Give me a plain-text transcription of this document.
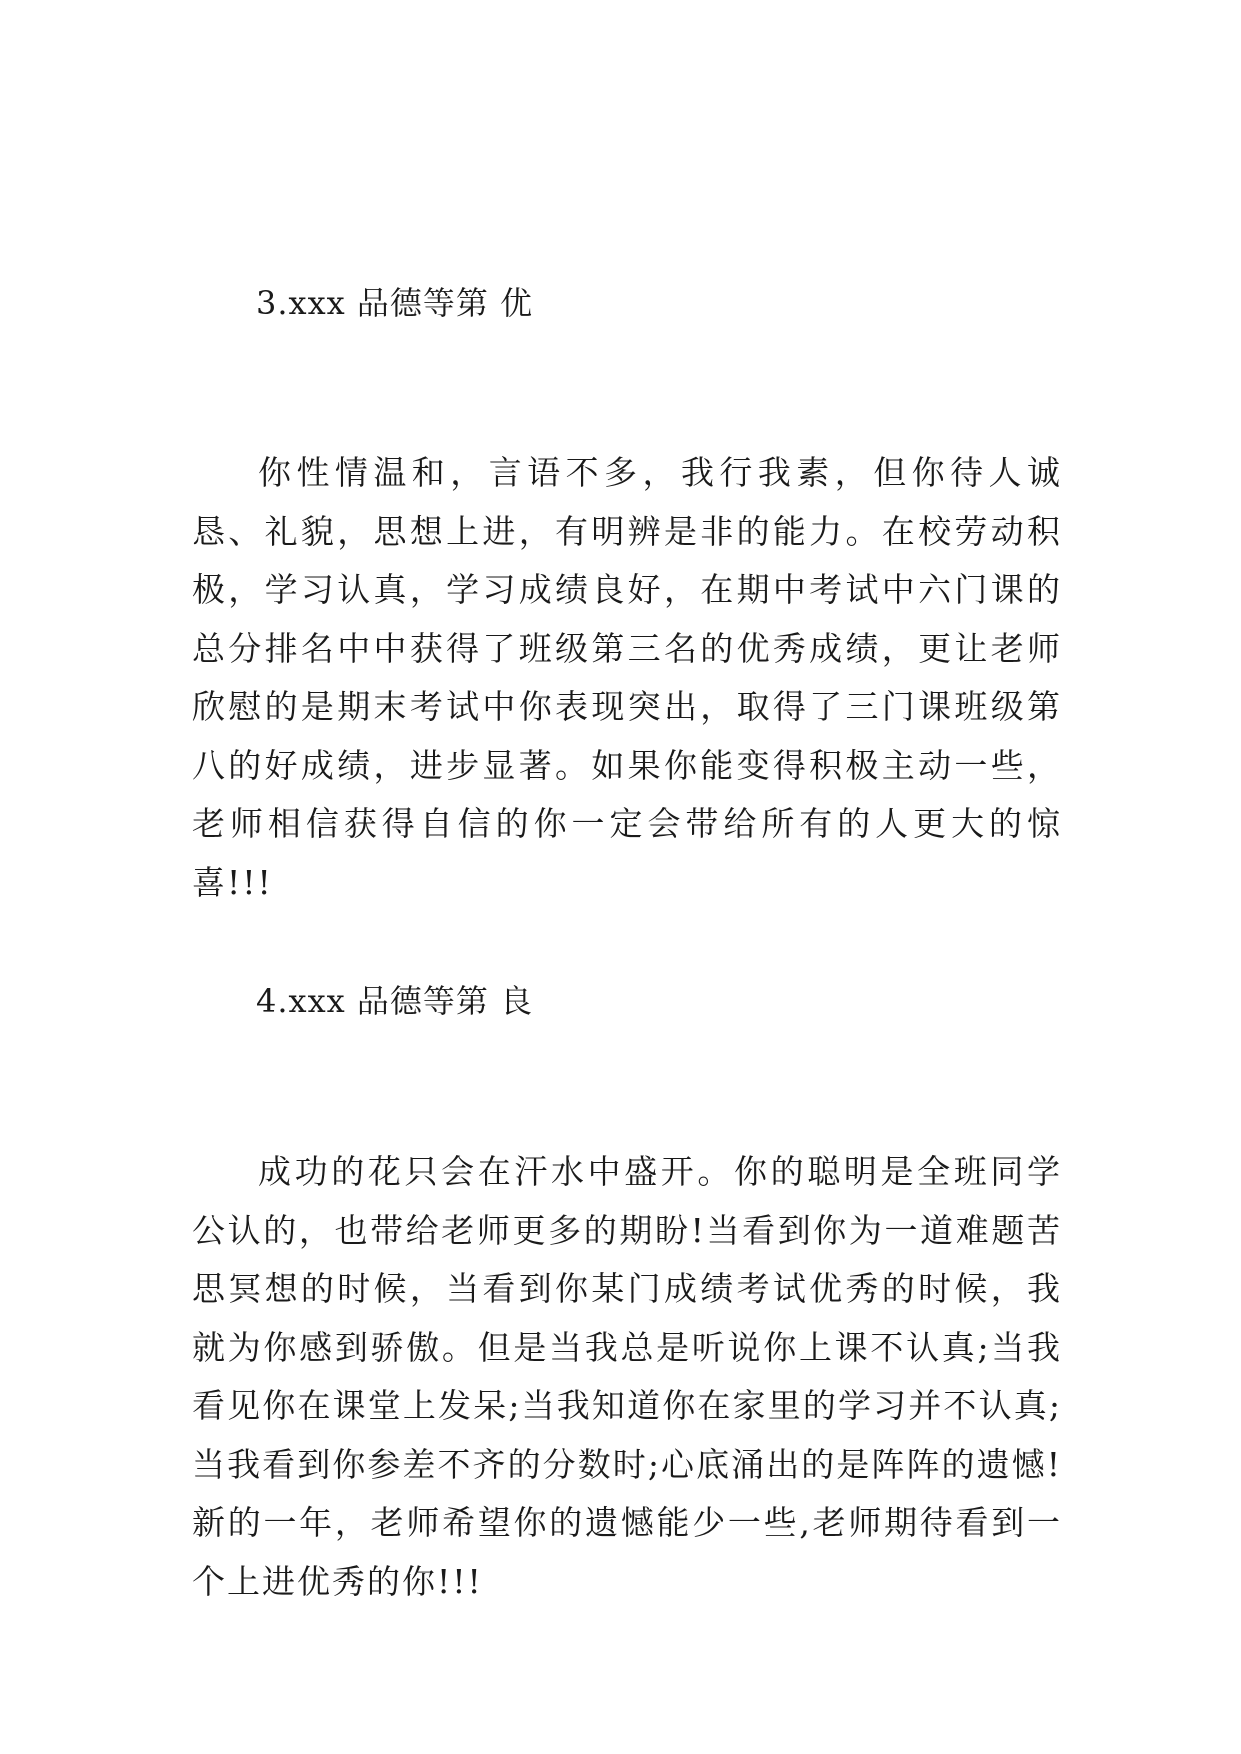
3.xxx 品德等第 优
你性情温和，言语不多，我行我素，但你待人诚恳、礼貌，思想上进，有明辨是非的能力。在校劳动积极，学习认真，学习成绩良好，在期中考试中六门课的总分排名中中获得了班级第三名的优秀成绩，更让老师欣慰的是期末考试中你表现突出，取得了三门课班级第八的好成绩，进步显著。如果你能变得积极主动一些，老师相信获得自信的你一定会带给所有的人更大的惊喜!!!
4.xxx 品德等第 良
成功的花只会在汗水中盛开。你的聪明是全班同学公认的，也带给老师更多的期盼!当看到你为一道难题苦思冥想的时候，当看到你某门成绩考试优秀的时候，我就为你感到骄傲。但是当我总是听说你上课不认真;当我看见你在课堂上发呆;当我知道你在家里的学习并不认真;当我看到你参差不齐的分数时;心底涌出的是阵阵的遗憾!新的一年，老师希望你的遗憾能少一些,老师期待看到一个上进优秀的你!!!
